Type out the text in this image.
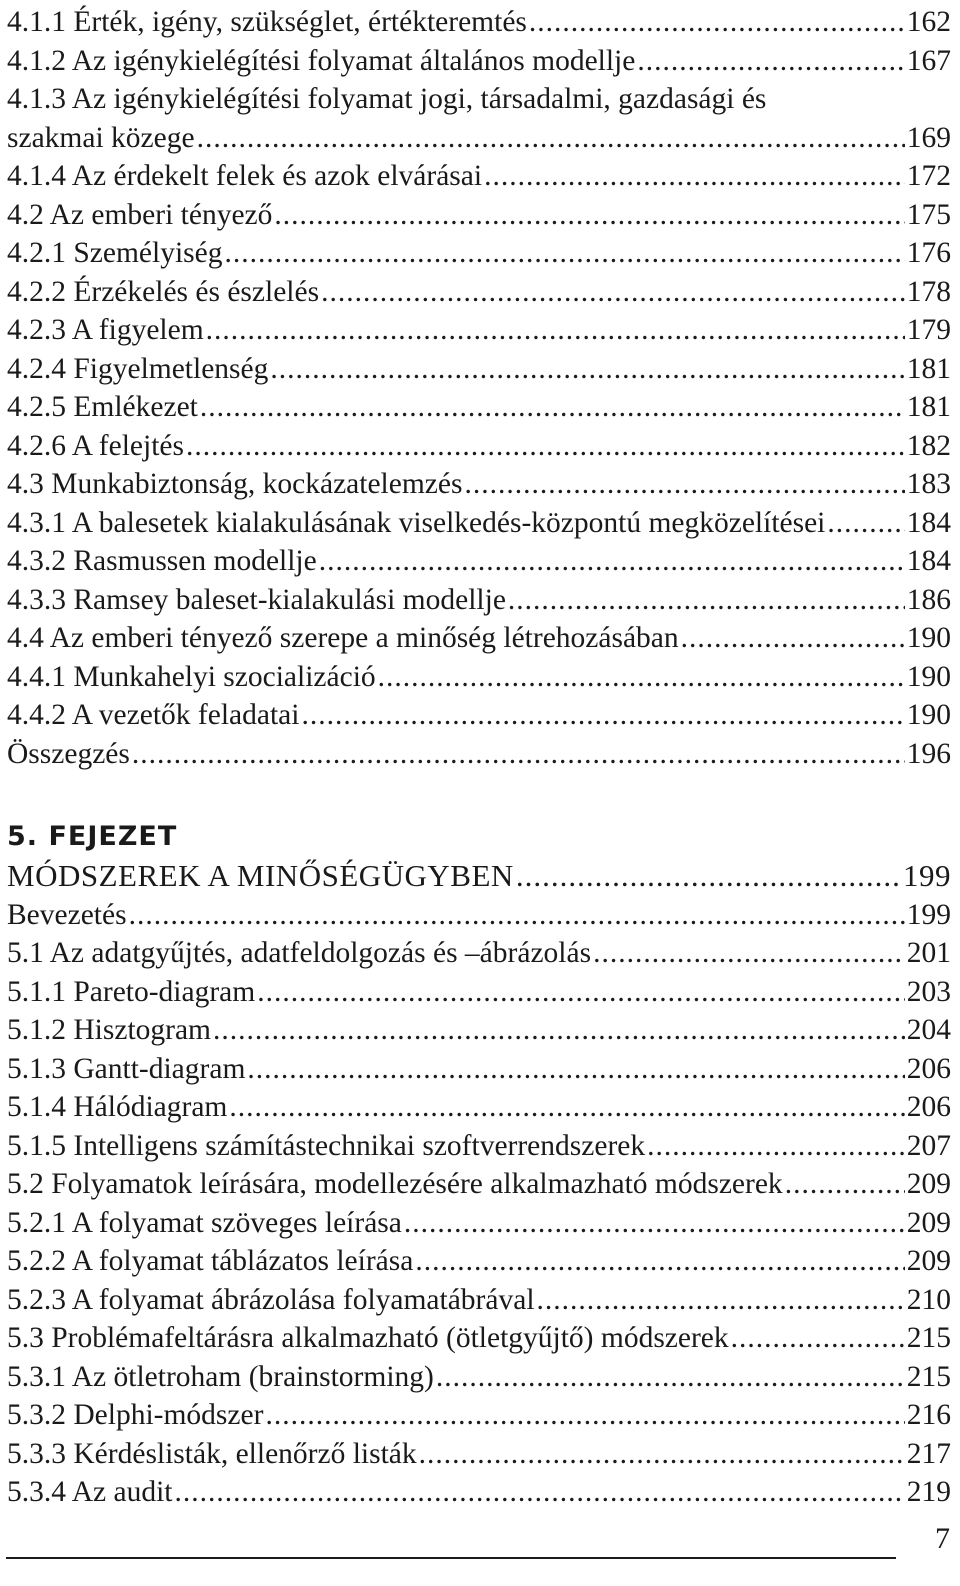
4.1.1 Érték, igény, szükséglet, értékteremtés .....	162
4.1.2 Az igénykielégítési folyamat általános modellje .....	167
4.1.3 Az igénykielégítési folyamat jogi, társadalmi, gazdasági és
szakmai közege .....	169
4.1.4 Az érdekelt felek és azok elvárásai .....	172
4.2 Az emberi tényező .....	175
4.2.1 Személyiség .....	176
4.2.2 Érzékelés és észlelés .....	178
4.2.3 A figyelem .....	179
4.2.4 Figyelmetlenség .....	181
4.2.5 Emlékezet .....	181
4.2.6 A felejtés .....	182
4.3 Munkabiztonság, kockázatelemzés .....	183
4.3.1 A balesetek kialakulásának viselkedés-központú megközelítései .....	184
4.3.2 Rasmussen modellje .....	184
4.3.3 Ramsey baleset-kialakulási modellje .....	186
4.4 Az emberi tényező szerepe a minőség létrehozásában .....	190
4.4.1 Munkahelyi szocializáció .....	190
4.4.2 A vezetők feladatai .....	190
Összegzés .....	196
5. FEJEZET
MÓDSZEREK A MINŐSÉGÜGYBEN .....	199
Bevezetés .....	199
5.1 Az adatgyűjtés, adatfeldolgozás és –ábrázolás .....	201
5.1.1 Pareto-diagram .....	203
5.1.2 Hisztogram .....	204
5.1.3 Gantt-diagram .....	206
5.1.4 Hálódiagram .....	206
5.1.5 Intelligens számítástechnikai szoftverrendszerek .....	207
5.2 Folyamatok leírására, modellezésére alkalmazható módszerek .....	209
5.2.1 A folyamat szöveges leírása .....	209
5.2.2 A folyamat táblázatos leírása .....	209
5.2.3 A folyamat ábrázolása folyamatábrával .....	210
5.3 Problémafeltárásra alkalmazható (ötletgyűjtő) módszerek .....	215
5.3.1 Az ötletroham (brainstorming) .....	215
5.3.2 Delphi-módszer .....	216
5.3.3 Kérdéslisták, ellenőrző listák .....	217
5.3.4 Az audit .....	219
7
